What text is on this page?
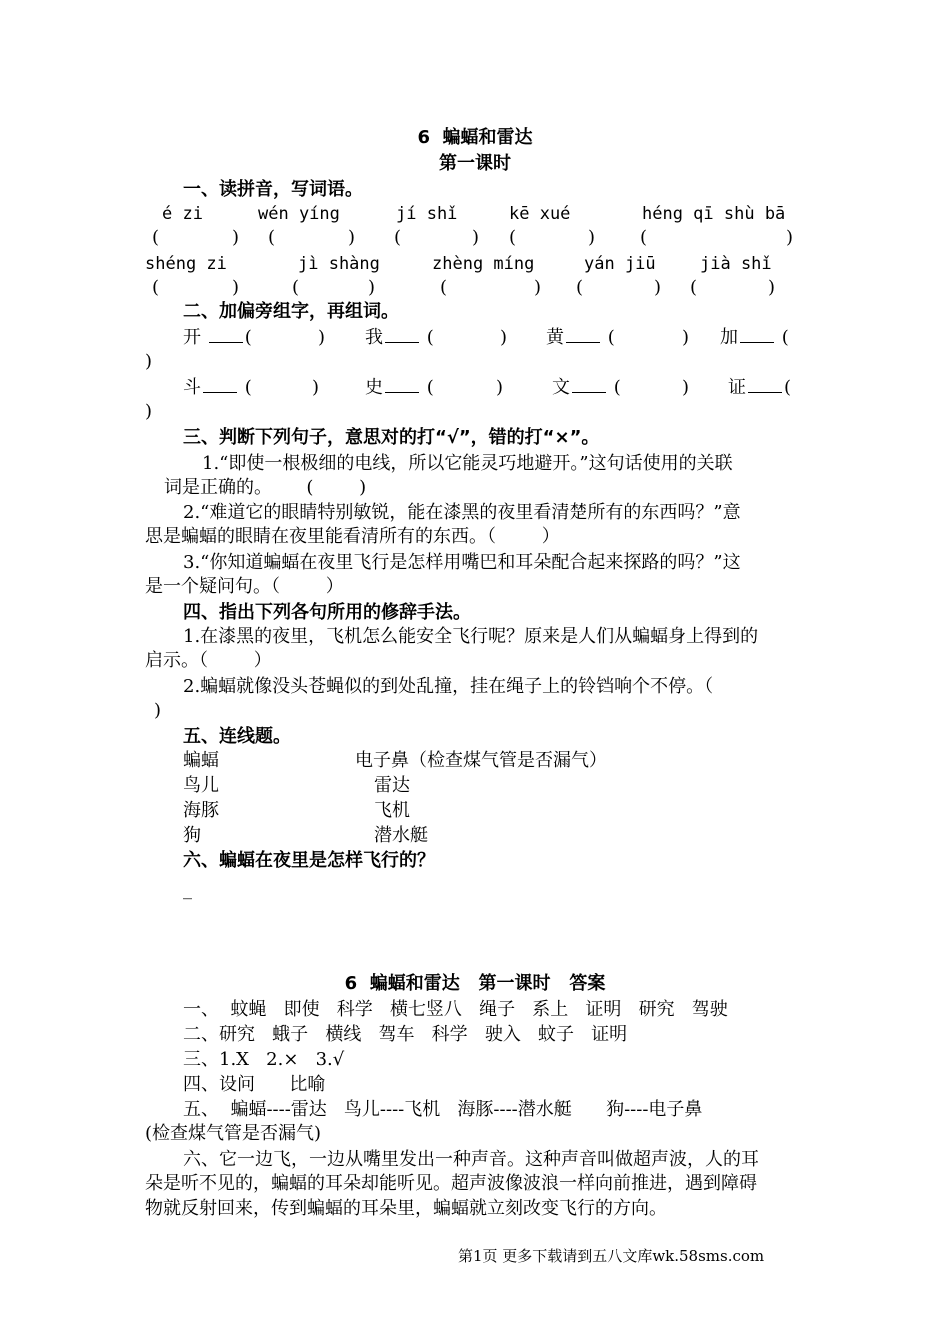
6  蝙蝠和雷达
第一课时
一、读拼音，写词语。
é zi	wén yíng	jí shǐ	kē xué	héng qī shù bā
(	) (	) (	) (	) (	)
shéng zi	jì shàng	zhèng míng	yán jiū	jià shǐ
(	)	(	)	(	) (	) (	)
二、加偏旁组字，再组词。
开 (	) 我 (	) 黄 (	) 加 (
)
斗 (	)	史 (	)	文 (	) 证 (
)
三、判断下列句子，意思对的打“√”，错的打“×”。
1.“即使一根极细的电线，所以它能灵巧地避开。”这句话使用的关联
词是正确的。      (        )
2.“难道它的眼睛特别敏锐，能在漆黑的夜里看清楚所有的东西吗？”意
思是蝙蝠的眼睛在夜里能看清所有的东西。（        ）
3.“你知道蝙蝠在夜里飞行是怎样用嘴巴和耳朵配合起来探路的吗？”这
是一个疑问句。（        ）
四、指出下列各句所用的修辞手法。
1.在漆黑的夜里，飞机怎么能安全飞行呢？原来是人们从蝙蝠身上得到的
启示。（        ）
2.蝙蝠就像没头苍蝇似的到处乱撞，挂在绳子上的铃铛响个不停。（
)
五、连线题。
蝙蝠	电子鼻（检查煤气管是否漏气）
鸟儿	雷达
海豚	飞机
狗	潜水艇
六、蝙蝠在夜里是怎样飞行的？
_
6  蝙蝠和雷达   第一课时   答案
一、  蚊蝇   即使   科学   横七竖八   绳子   系上   证明   研究   驾驶
二、研究   蛾子   横线   驾车   科学   驶入   蚊子   证明
三、1.X   2.×   3.√
四、设问      比喻
五、  蝙蝠----雷达   鸟儿----飞机   海豚----潜水艇      狗----电子鼻
(检查煤气管是否漏气)
六、它一边飞，一边从嘴里发出一种声音。这种声音叫做超声波，人的耳
朵是听不见的，蝙蝠的耳朵却能听见。超声波像波浪一样向前推进，遇到障碍
物就反射回来，传到蝙蝠的耳朵里，蝙蝠就立刻改变飞行的方向。
第1页 更多下载请到五八文库wk.58sms.com
